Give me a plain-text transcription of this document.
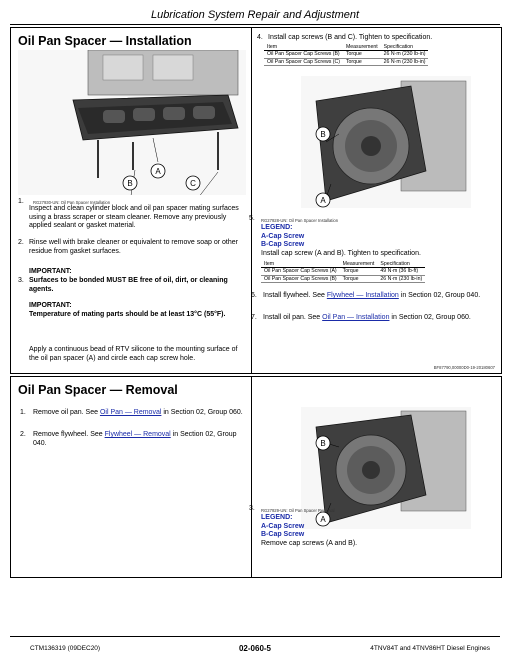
Lubrication System Repair and Adjustment
Oil Pan Spacer — Installation
A
B	C
1.	RG27930-UN: Oil Pan Spacer Installation
Inspect and clean cylinder block and oil pan spacer mating surfaces using a brass scraper or steam cleaner. Remove any previously applied sealant or gasket material.
2. Rinse well with brake cleaner or equivalent to remove soap or other residue from gasket surfaces.
IMPORTANT:
3. Surfaces to be bonded MUST BE free of oil, dirt, or cleaning agents.
IMPORTANT:
Temperature of mating parts should be at least 13°C (55°F).
Apply a continuous bead of RTV silicone to the mounting surface of the oil pan spacer (A) and circle each cap screw hole.
4. Install cap screws (B and C). Tighten to specification.
Item	Measurement	Specification
Oil Pan Spacer Cap Screws (B)	Torque	26 N·m (230 lb-in)
Oil Pan Spacer Cap Screws (C)	Torque	26 N·m (230 lb-in)
B
A
5.	RG27928-UN: Oil Pan Spacer Installation
LEGEND:
A-Cap Screw
B-Cap Screw
Install cap screw (A and B). Tighten to specification.
Item	Measurement	Specification
Oil Pan Spacer Cap Screws (A)	Torque	49 N·m (36 lb-ft)
Oil Pan Spacer Cap Screws (B)	Torque	26 N·m (230 lb-in)
6. Install flywheel. See Flywheel — Installation in Section 02, Group 040.
7. Install oil pan. See Oil Pan — Installation in Section 02, Group 060.
BF87790,00000D0-19-20180607
Oil Pan Spacer — Removal
1.	Remove oil pan. See Oil Pan — Removal in Section 02, Group 060.
2.	Remove flywheel. See Flywheel — Removal in Section 02, Group 040.	B
A
3.	RG27929-UN: Oil Pan Spacer Removal
LEGEND:
A-Cap Screw
B-Cap Screw
Remove cap screws (A and B).
CTM136319 (09DEC20)	02-060-5	4TNV84T and 4TNV86HT Diesel Engines
